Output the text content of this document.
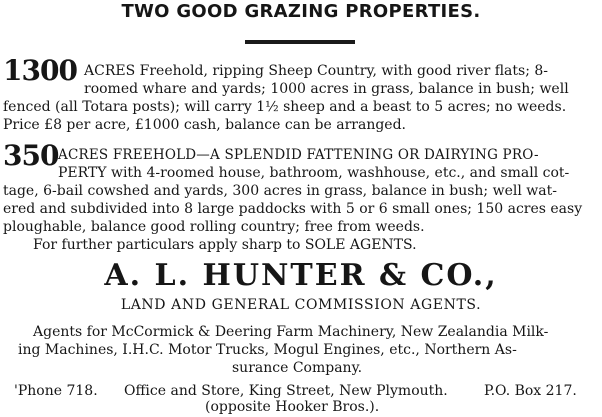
TWO GOOD GRAZING PROPERTIES.
1300 ACRES Freehold, ripping Sheep Country, with good river flats; 8-
roomed whare and yards; 1000 acres in grass, balance in bush; well
fenced (all Totara posts); will carry 1½ sheep and a beast to 5 acres; no weeds.
Price £8 per acre, £1000 cash, balance can be arranged.
350 ACRES FREEHOLD—A SPLENDID FATTENING OR DAIRYING PRO-
PERTY with 4-roomed house, bathroom, washhouse, etc., and small cot-
tage, 6-bail cowshed and yards, 300 acres in grass, balance in bush; well wat-
ered and subdivided into 8 large paddocks with 5 or 6 small ones; 150 acres easy
ploughable, balance good rolling country; free from weeds.
For further particulars apply sharp to SOLE AGENTS.
A. L. HUNTER & CO.,
LAND AND GENERAL COMMISSION AGENTS.
Agents for McCormick & Deering Farm Machinery, New Zealandia Milk-
ing Machines, I.H.C. Motor Trucks, Mogul Engines, etc., Northern As-
surance Company.
'Phone 718. Office and Store, King Street, New Plymouth.	P.O. Box 217.
(opposite Hooker Bros.).
